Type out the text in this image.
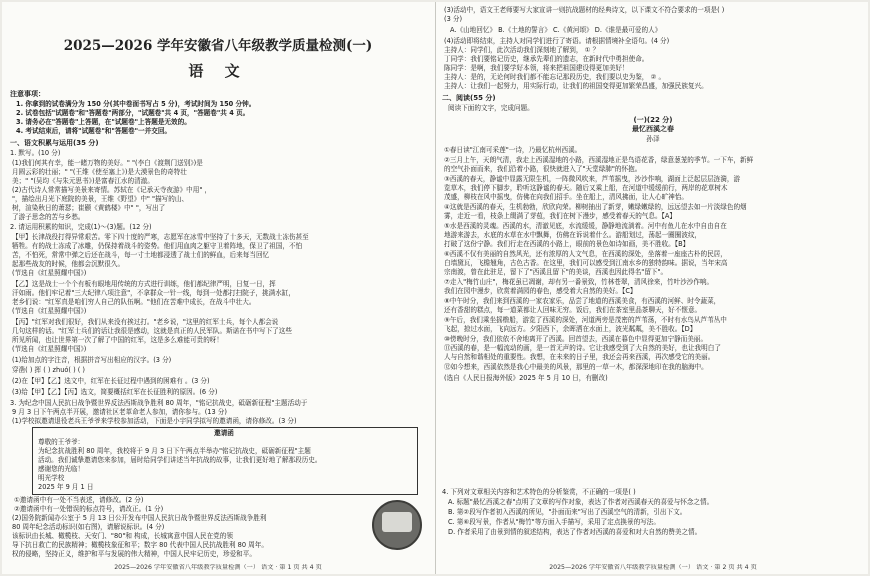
2025—2026 学年安徽省八年级教学质量检测(一)
语 文
注意事项：
1. 你拿到的试卷满分为 150 分(其中卷面书写占 5 分)，考试时间为 150 分钟。
2. 试卷包括"试题卷"和"答题卷"两部分，"试题卷"共 4 页，"答题卷"共 4 页。
3. 请务必在"答题卷"上答题，在"试题卷"上答题是无效的。
4. 考试结束后，请将"试题卷"和"答题卷"一并交回。
一、语文积累与运用(35 分)
1. 默写。(10 分)
(1)我们何其有幸，能一睹万物的美好。" "(李白《渡荆门送别》)是
月圆云彩的壮丽；" "(王维《使至塞上》)是大漠景色的奇特壮
美；" "(吴均《与朱元思书》)是富春江水的清澈。
(2)古代诗人常常描写美景来寄情。苏轼在《记承天寺夜游》中用" ，
"，描绘出月光下庭院的美景，王维《野望》中" "描写的山、
树，渲染秋日的萧瑟；崔颢《黄鹤楼》中" "，写出了
了游子思念的苦与乡愁。
2. 请运用积累的知识，完成(1)～(3)题。(12 分)
【甲】长津战役打得异常艰苦。零下四十度的严寒，志愿军在冰雪中坚持了十多天，无数战士冻伤甚至
牺牲。有的战士冻成了冰雕，仍保持着战斗的姿势。他们用血肉之躯守卫着阵地，保卫了祖国，不怕
苦，不怕死，常常中弹之后还在战斗，每一寸土地都浸透了战士们的鲜血，后来每当回忆
起那些战友的时候，他都会沉默很久。
(节选自《红星照耀中国》)
【乙】这是战士一个个有板有眼地用传统的方式进行训练，他们都纪律严明，日复一日，挥
汗如雨。他们牢记着"三大纪律八项注意"，不拿群众一针一线，每到一处都打扫院子，挑满水缸，
老乡们说："红军真是咱们穷人自己的队伍啊。"他们在苦难中成长，在战斗中壮大。
(节选自《红星照耀中国》)
【丙】"红军对我们很好，我们从来没有挨过打。"老乡说，"这里的红军士兵，每个人都会说
几句这样的话。"红军士兵们的话让我很是感动，这就是真正的人民军队。斯诺在书中写下了这些
所见所闻，也让世界第一次了解了中国的红军，这是多么难能可贵的呀！
(节选自《红星照耀中国》)
(1)给加点的字注音，根据拼音写出相应的汉字。(3 分)
穿凿( ) 挥 ( ) zhuó( ) ( )
(2)在【甲】【乙】选文中，红军在长征过程中遇到的困难有 。(3 分)
(3)给【甲】【乙】【丙】选文，简要概括红军在长征胜利的原因。(6 分)
3. 为纪念中国人民抗日战争暨世界反法西斯战争胜利 80 周年，"铭记抗战史，砥砺新征程"主题活动于
9 月 3 日下午两点半开展，邀请社区老革命老人参加，请你参与。(13 分)
(1)学校拟邀请退役老兵王爷爷来学校参加活动，下面是小宇同学拟写的邀请函，请你修改。(3 分)
邀请函
尊敬的王爷爷：
为纪念抗战胜利 80 周年，我校将于 9 月 3 日下午两点半举办"铭记抗战史，砥砺新征程"主题
活动。我们诚挚邀请您来参加，届时给同学们讲述当年抗战的故事，让我们更好地了解那段历史。
感谢您的光临！
明光学校
2025 年 9 月 1 日
①邀请函中有一处不当表述，请修改。(2 分)
②邀请函中有一处错误的标点符号，请改正。(1 分)
(2)国务院新闻办公室于 5 月 13 日公开发布中国人民抗日战争暨世界反法西斯战争胜利
80 周年纪念活动标识(如右图)，请解说标识。(4 分)
该标识由长城、橄榄枝、天安门、"80"和 构成，长城寓意中国人民在党的领
导下抗日救亡的民族精神；橄榄枝象征和平；数字 80 代表中国人民抗战胜利 80 周年。
权的侵略，坚持正义，维护和平与发展的伟大精神，中国人民牢记历史，珍爱和平。
2025—2026 学年安徽省八年级教学质量检测（一） 语文 · 第 1 页 共 4 页
(3)活动中，语文王老师要写大家宣讲一则抗战题材的经典诗文，以下课文不符合要求的一项是( )
(3 分)
A.《山地回忆》 B.《土地的誓言》 C.《黄河颂》 D.《谁是最可爱的人》
(4)活动即将结束，主持人对同学们进行了寄语。请根据情境补全语句。(4 分)
主持人：同学们，此次活动我们深刻地了解到， ① ？
丁同学：我们要铭记历史，继承先辈们的遗志，在新时代中勇担使命。
陈同学：是啊，我们要学好本领，将来把祖国建设得更加美好！
主持人：是的，无论何时我们都不能忘记那段历史，我们要以史为鉴， ② 。
主持人：让我们一起努力，用实际行动，让我们的祖国变得更加繁荣昌盛，加强民族复兴。
二、阅读(55 分)
阅读下面的文字，完成问题。
(一)(22 分)
最忆西溪之春
孙泽
①春日读"江南可采莲"一诗，乃最忆杭州西溪。
②三月上午，天朗气清，我走上西溪湿地的小路，西溪湿地正是鸟语花香，绿意葱茏的季节。一下车，新鲜
的空气扑面而来，我们沿着小路，很快就进入了"天堂绿肺"的怀抱。
③西溪的春天，静谧中显露无限生机，一阵微风吹来，芦苇摇曳，沙沙作响，湖面上泛起层层涟漪，游
览草木，我们停下脚步，聆听这静谧的春天。随后又乘上船，在河道中缓缓前行，两岸的花草树木
茂盛，柳枝在风中摇曳，仿佛在向我们招手。坐在船上，清风拂面，让人心旷神怡。
④这就是西溪的春天，生机勃勃，欣欣向荣。柳树抽出了新芽，嫩绿嫩绿的，远远望去如一片淡绿色的烟
雾，走近一看，枝条上缀满了芽苞，我们在树下漫步，感受着春天的气息。【A】
⑤水是西溪的灵魂。西溪的水，清澈见底，水流缓缓，静静地流淌着。河中有鱼儿在水中自由自在
地游来游去，水底的水草在水中飘舞，仿佛在诉说着什么。游船划过，荡起一圈圈波纹，
打破了这份宁静。我们行走在西溪的小路上，眼前的景色如诗如画，美不胜收。【B】
⑥西溪不仅有美丽的自然风光，还有浓厚的人文气息，在西溪的深处，坐落着一座座古朴的民居，
白墙黛瓦，飞檐翘角，古色古香。在这里，我们可以感受到江南水乡的独特韵味。据说，当年宋高
宗南渡，曾在此驻足，留下了"西溪且留下"的美谈，西溪也因此得名"留下"。
⑦走入"梅竹山庄"，梅花虽已凋谢，却有另一番景致，竹林苍翠，清风徐来，竹叶沙沙作响。
我们在园中漫步，欣赏着满园的春色，感受着大自然的美好。【C】
⑧中午时分，我们来到西溪的一家农家乐，品尝了地道的西溪美食，有西溪的河鲜、时令蔬菜，
还有香甜的糕点，每一道菜都让人回味无穷。饭后，我们在茶室里品茶聊天，好不惬意。
⑨午后，我们乘坐摇橹船，游览了西溪的深处，河道两旁是茂密的芦苇荡，不时有水鸟从芦苇丛中
飞起，掠过水面，飞向远方。夕阳西下，余晖洒在水面上，波光粼粼，美不胜收。【D】
⑩傍晚时分，我们依依不舍地离开了西溪。回首望去，西溪在暮色中显得更加宁静而美丽。
⑪西溪的春，是一幅流动的画，是一首无声的诗。它让我感受到了大自然的美好，也让我明白了
人与自然和谐相处的重要性。我想，在未来的日子里，我还会再来西溪，再次感受它的美丽。
⑫如今想来，西溪依然是我心中最美的风景，那里的一草一木，都深深地印在我的脑海中。
(选自《人民日报海外版》2025 年 5 月 10 日，有删改)
4. 下列对文章相关内容和艺术特色的分析鉴赏，不正确的一项是( )
A. 标题"最忆西溪之春"点明了文章的写作对象，表达了作者对西溪春天的喜爱与怀念之情。
B. 第②段写作者初入西溪的所见，"扑面而来"写出了西溪空气的清新，引出下文。
C. 第⑥段写景，作者从"梅竹"等方面入手描写，采用了定点换景的写法。
D. 作者采用了由景到情的叙述结构，表达了作者对西溪的喜爱和对大自然的赞美之情。
2025—2026 学年安徽省八年级教学质量检测（一） 语文 · 第 2 页 共 4 页
